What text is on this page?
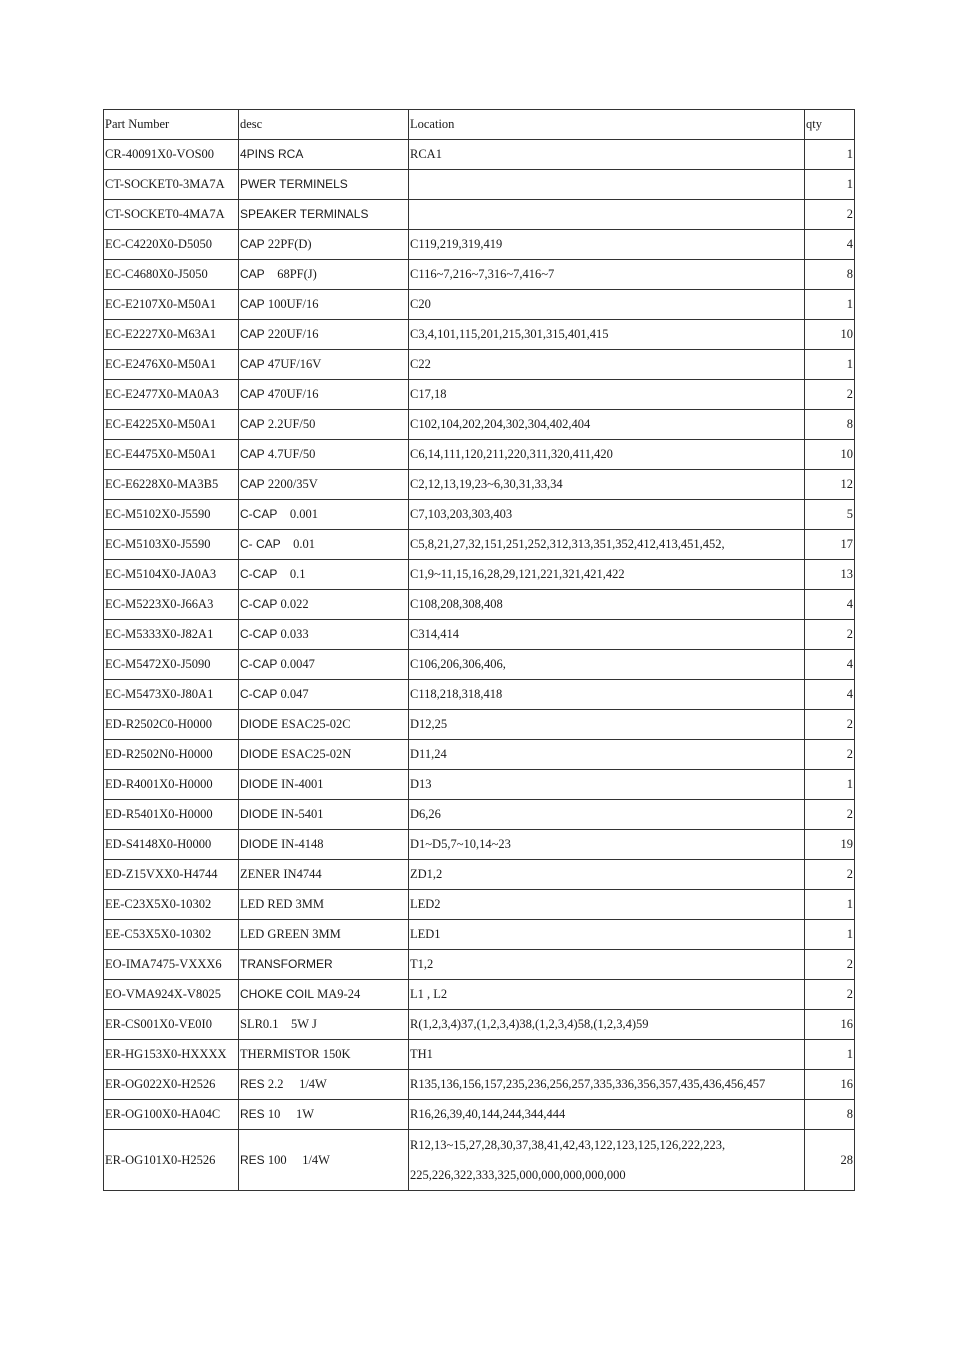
Part Number	desc	Location	qty
CR-40091X0-VOS00	4PINS RCA	RCA1	1
CT-SOCKET0-3MA7A	PWER TERMINELS		1
CT-SOCKET0-4MA7A	SPEAKER TERMINALS		2
EC-C4220X0-D5050	CAP 22PF(D)	C119,219,319,419	4
EC-C4680X0-J5050	CAP    68PF(J)	C116~7,216~7,316~7,416~7	8
EC-E2107X0-M50A1	CAP 100UF/16	C20	1
EC-E2227X0-M63A1	CAP 220UF/16	C3,4,101,115,201,215,301,315,401,415	10
EC-E2476X0-M50A1	CAP 47UF/16V	C22	1
EC-E2477X0-MA0A3	CAP 470UF/16	C17,18	2
EC-E4225X0-M50A1	CAP 2.2UF/50	C102,104,202,204,302,304,402,404	8
EC-E4475X0-M50A1	CAP 4.7UF/50	C6,14,111,120,211,220,311,320,411,420	10
EC-E6228X0-MA3B5	CAP 2200/35V	C2,12,13,19,23~6,30,31,33,34	12
EC-M5102X0-J5590	C-CAP    0.001	C7,103,203,303,403	5
EC-M5103X0-J5590	C- CAP    0.01	C5,8,21,27,32,151,251,252,312,313,351,352,412,413,451,452,	17
EC-M5104X0-JA0A3	C-CAP    0.1	C1,9~11,15,16,28,29,121,221,321,421,422	13
EC-M5223X0-J66A3	C-CAP 0.022	C108,208,308,408	4
EC-M5333X0-J82A1	C-CAP 0.033	C314,414	2
EC-M5472X0-J5090	C-CAP 0.0047	C106,206,306,406,	4
EC-M5473X0-J80A1	C-CAP 0.047	C118,218,318,418	4
ED-R2502C0-H0000	DIODE ESAC25-02C	D12,25	2
ED-R2502N0-H0000	DIODE ESAC25-02N	D11,24	2
ED-R4001X0-H0000	DIODE IN-4001	D13	1
ED-R5401X0-H0000	DIODE IN-5401	D6,26	2
ED-S4148X0-H0000	DIODE IN-4148	D1~D5,7~10,14~23	19
ED-Z15VXX0-H4744	ZENER IN4744	ZD1,2	2
EE-C23X5X0-10302	LED RED 3MM	LED2	1
EE-C53X5X0-10302	LED GREEN 3MM	LED1	1
EO-IMA7475-VXXX6	TRANSFORMER	T1,2	2
EO-VMA924X-V8025	CHOKE COIL MA9-24	L1 , L2	2
ER-CS001X0-VE0I0	SLR0.1    5W J	R(1,2,3,4)37,(1,2,3,4)38,(1,2,3,4)58,(1,2,3,4)59	16
ER-HG153X0-HXXXX	THERMISTOR 150K	TH1	1
ER-OG022X0-H2526	RES 2.2     1/4W	R135,136,156,157,235,236,256,257,335,336,356,357,435,436,456,457	16
ER-OG100X0-HA04C	RES 10     1W	R16,26,39,40,144,244,344,444	8
ER-OG101X0-H2526	RES 100     1/4W	R12,13~15,27,28,30,37,38,41,42,43,122,123,125,126,222,223,
225,226,322,333,325,000,000,000,000,000	28
